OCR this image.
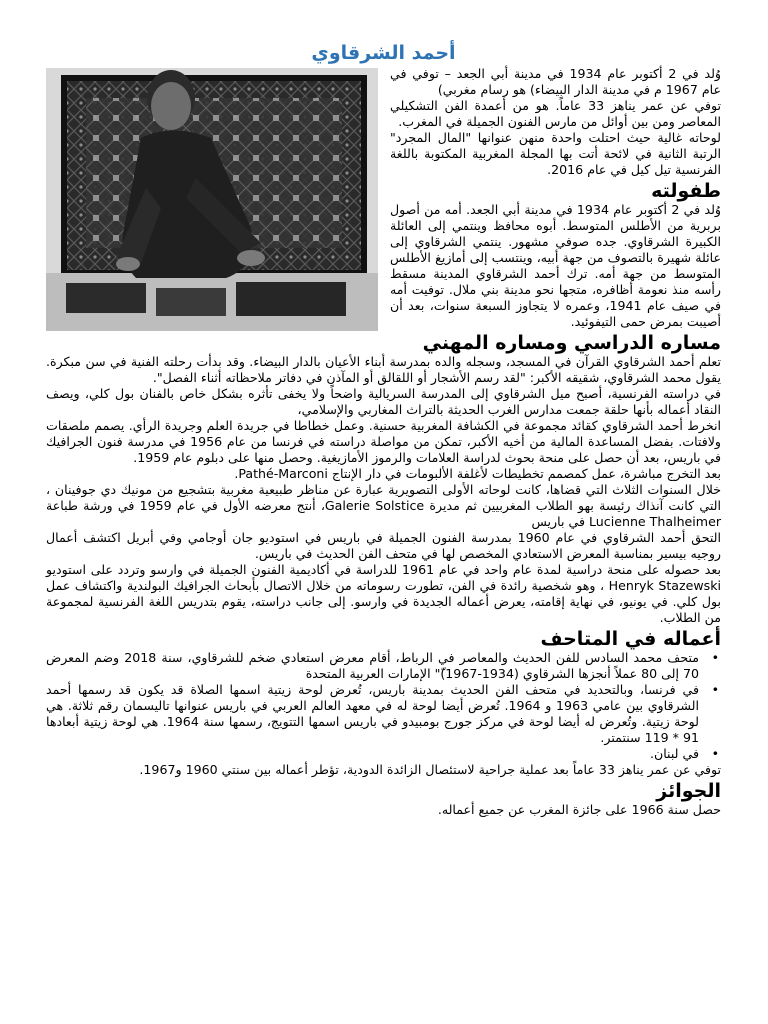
أحمد الشرقاوي

وُلد في 2 أكتوبر عام 1934 في مدينة أبي الجعد – توفي في عام 1967 م في مدينة الدار البيضاء) هو رسام مغربي)

توفي عن عمر يناهز 33 عاماً. هو من أعمدة الفن التشكيلي المعاصر ومن بين أوائل من مارس الفنون الجميلة في المغرب.

لوحاته غالية حيث احتلت واحدة منهن عنوانها "المال المجرد" الرتبة الثانية في لائحة أتت بها المجلة المغربية المكتوبة باللغة الفرنسية تيل كيل في عام 2016.

طفولته

وُلد في 2 أكتوبر عام 1934 في مدينة أبي الجعد. أمه من أصول بربرية من الأطلس المتوسط. أبوه محافظ وينتمي إلى العائلة الكبيرة الشرقاوي. جده صوفي مشهور. ينتمي الشرقاوي إلى عائلة شهيرة بالتصوف من جهة أبيه، وينتسب إلى أمازيغ الأطلس المتوسط من جهة أمه. ترك أحمد الشرقاوي المدينة مسقط رأسه منذ نعومة أظافره، متجها نحو مدينة بني ملال. توفيت أمه في صيف عام 1941، وعمره لا يتجاوز السبعة سنوات، بعد أن أصيبت بمرض حمى التيفوئيد.

مساره الدراسي ومساره المهني

تعلم أحمد الشرقاوي القرآن في المسجد، وسجله والده بمدرسة أبناء الأعيان بالدار البيضاء. وقد بدأت رحلته الفنية في سن مبكرة. يقول محمد الشرقاوي، شقيقه الأكبر: "لقد رسم الأشجار أو اللقالق أو المآذن في دفاتر ملاحظاته أثناء الفصل".

في دراسته الفرنسية، أصبح ميل الشرقاوي إلى المدرسة السريالية واضحاً ولا يخفى تأثره بشكل خاص بالفنان بول كلي، ويصف النقاد أعماله بأنها حلقة جمعت مدارس الغرب الحديثة بالتراث المغاربي والإسلامي،

انخرط أحمد الشرقاوي كقائد مجموعة في الكشافة المغربية حسنية. وعمل خطاطا في جريدة العلم وجريدة الرأي. يصمم ملصقات ولافتات. بفضل المساعدة المالية من أخيه الأكبر، تمكن من مواصلة دراسته في فرنسا من عام 1956 في مدرسة فنون الجرافيك في باريس، بعد أن حصل على منحة بحوث لدراسة العلامات والرموز الأمازيغية. وحصل منها على دبلوم عام 1959.

بعد التخرج مباشرة، عمل كمصمم تخطيطات لأغلفة الألبومات في دار الإنتاج Pathé-Marconi.

خلال السنوات الثلاث التي قضاها، كانت لوحاته الأولى التصويرية عبارة عن مناظر طبيعية مغربية بتشجيع من مونيك دي جوفينان ، التي كانت آنذاك رئيسة بهو الطلاب المغربيين ثم مديرة Galerie Solstice، أنتج معرضه الأول في عام 1959 في ورشة طباعة Lucienne Thalheimer في باريس

التحق أحمد الشرقاوي في عام 1960 بمدرسة الفنون الجميلة في باريس في استوديو جان أوجامي وفي أبريل اكتشف أعمال روجيه بيسير بمناسبة المعرض الاستعادي المخصص لها في متحف الفن الحديث في باريس.

بعد حصوله على منحة دراسية لمدة عام واحد في عام 1961 للدراسة في أكاديمية الفنون الجميلة في وارسو وتردد على استوديو Henryk Stazewski ، وهو شخصية رائدة في الفن، تطورت رسوماته من خلال الاتصال بأبحاث الجرافيك البولندية واكتشاف عمل بول كلي. في يونيو، في نهاية إقامته، يعرض أعماله الجديدة في وارسو. إلى جانب دراسته، يقوم بتدريس اللغة الفرنسية لمجموعة من الطلاب.

أعماله في المتاحف
• متحف محمد السادس للفن الحديث والمعاصر في الرباط، أقام معرض استعادي ضخم للشرقاوي، سنة 2018 وضم المعرض 70 إلى 80 عملاً أنجزها الشرقاوي (1934-1967)ّ" الإمارات العربية المتحدة
• في فرنسا، وبالتحديد في متحف الفن الحديث بمدينة باريس، تُعرض لوحة زيتية اسمها الصلاة قد يكون قد رسمها أحمد الشرقاوي بين عامي 1963 و 1964. تُعرض أيضا لوحة له في معهد العالم العربي في باريس عنوانها تاليسمان رقم ثلاثة. هي لوحة زيتية. وتُعرض له أيضا لوحة في مركز جورج بومبيدو في باريس اسمها التتويج، رسمها سنة 1964. هي لوحة زيتية أبعادها 91 * 119 سنتمتر.
• في لبنان.

توفي عن عمر يناهز 33 عاماً بعد عملية جراحية لاستئصال الزائدة الدودية، تؤطر أعماله بين سنتي 1960 و1967.

الجوائز

حصل سنة 1966 على جائزة المغرب عن جميع أعماله.
